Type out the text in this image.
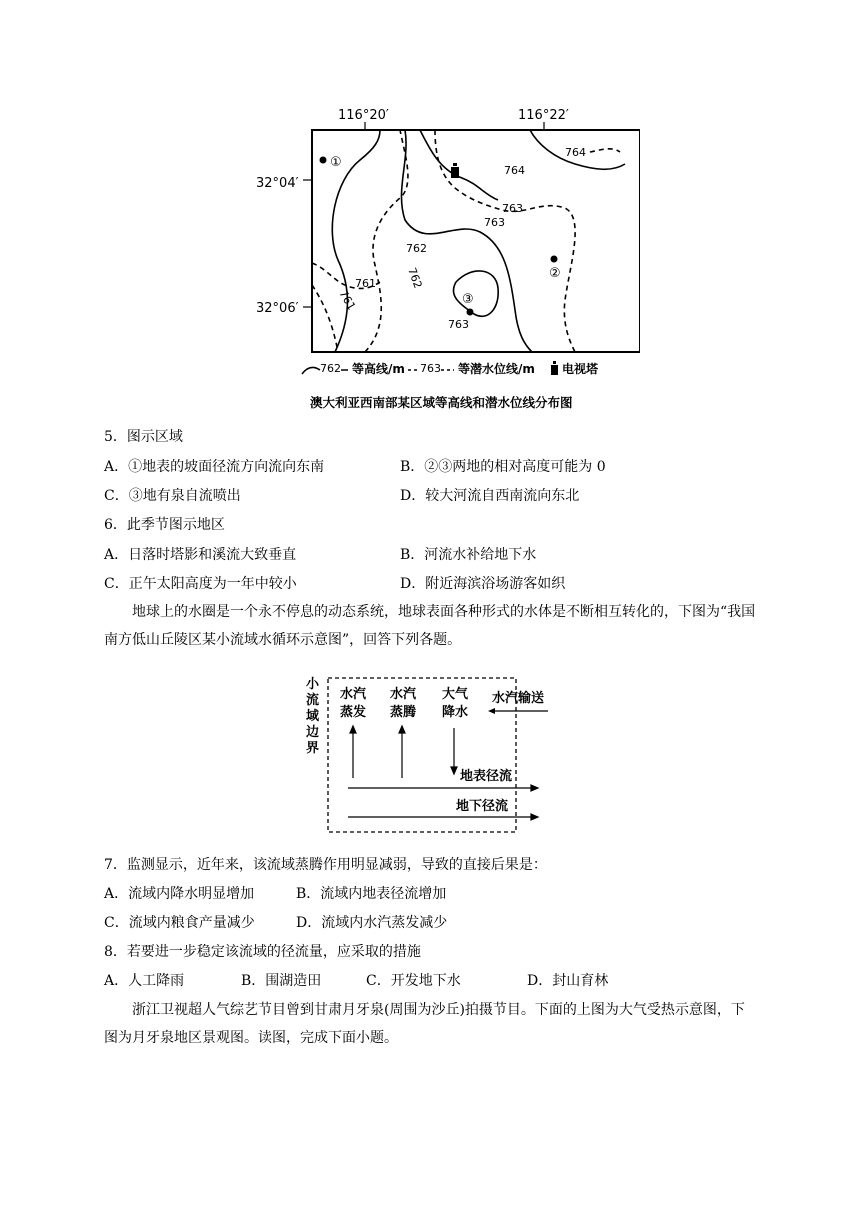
116°20′	116°22′
32°04′
32°06′
764
764
763
763
762
762
761
761
763
①
②
③
762 等高线/m 763 等潜水位线/m 电视塔
澳大利亚西南部某区域等高线和潜水位线分布图
5．图示区域
A．①地表的坡面径流方向流向东南	B．②③两地的相对高度可能为 0
C．③地有泉自流喷出	D．较大河流自西南流向东北
6．此季节图示地区
A．日落时塔影和溪流大致垂直	B．河流水补给地下水
C．正午太阳高度为一年中较小	D．附近海滨浴场游客如织
地球上的水圈是一个永不停息的动态系统，地球表面各种形式的水体是不断相互转化的，下图为“我国南方低山丘陵区某小流域水循环示意图”，回答下列各题。
小
流
域
边
界
水汽
蒸发
水汽
蒸腾
大气
降水
水汽输送
地表径流
地下径流
7．监测显示，近年来，该流域蒸腾作用明显减弱，导致的直接后果是：
A．流域内降水明显增加	B．流域内地表径流增加
C．流域内粮食产量减少	D．流域内水汽蒸发减少
8．若要进一步稳定该流域的径流量，应采取的措施
A．人工降雨	B．围湖造田	C．开发地下水	D．封山育林
浙江卫视超人气综艺节目曾到甘肃月牙泉(周围为沙丘)拍摄节目。下面的上图为大气受热示意图，下图为月牙泉地区景观图。读图，完成下面小题。
